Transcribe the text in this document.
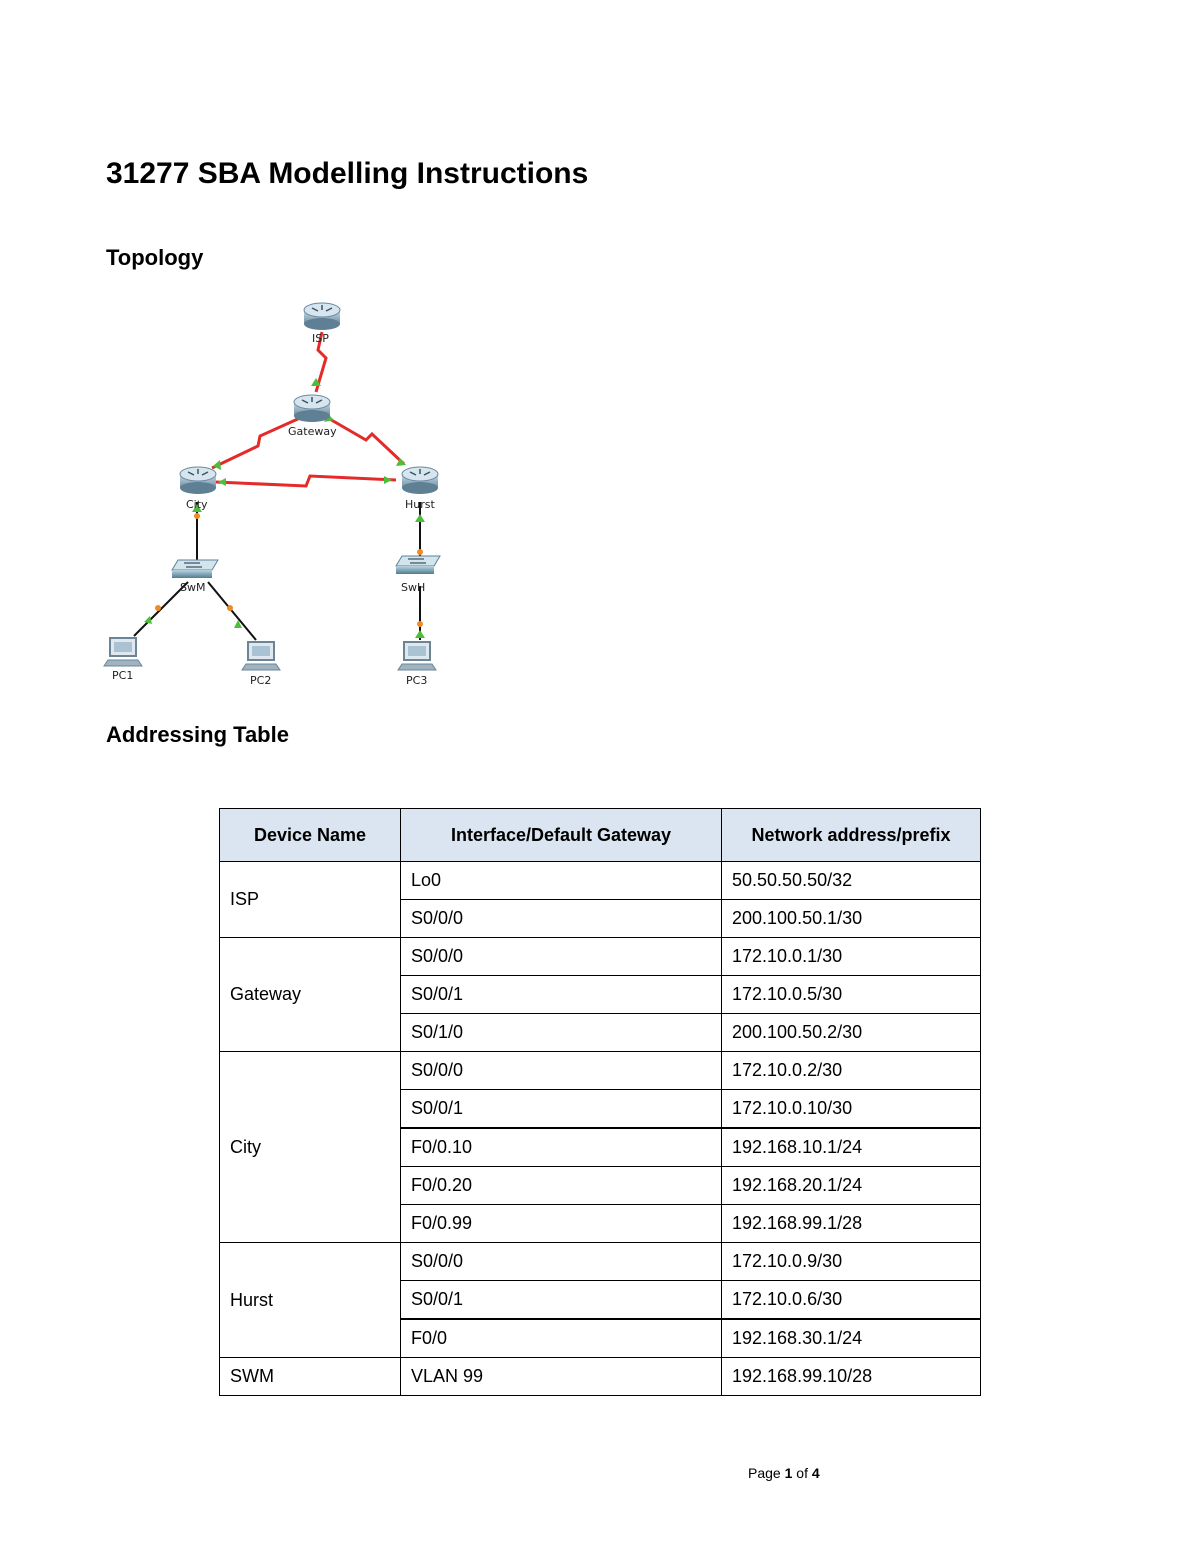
31277 SBA Modelling Instructions
Topology
ISP
Gateway
City	Hurst
SwM	SwH
PC1	PC2	PC3
Addressing Table
Device Name	Interface/Default Gateway	Network address/prefix
ISP	Lo0	50.50.50.50/32
	S0/0/0	200.100.50.1/30
Gateway	S0/0/0	172.10.0.1/30
	S0/0/1	172.10.0.5/30
	S0/1/0	200.100.50.2/30
City	S0/0/0	172.10.0.2/30
	S0/0/1	172.10.0.10/30
	F0/0.10	192.168.10.1/24
	F0/0.20	192.168.20.1/24
	F0/0.99	192.168.99.1/28
Hurst	S0/0/0	172.10.0.9/30
	S0/0/1	172.10.0.6/30
	F0/0	192.168.30.1/24
SWM	VLAN 99	192.168.99.10/28
Page 1 of 4
